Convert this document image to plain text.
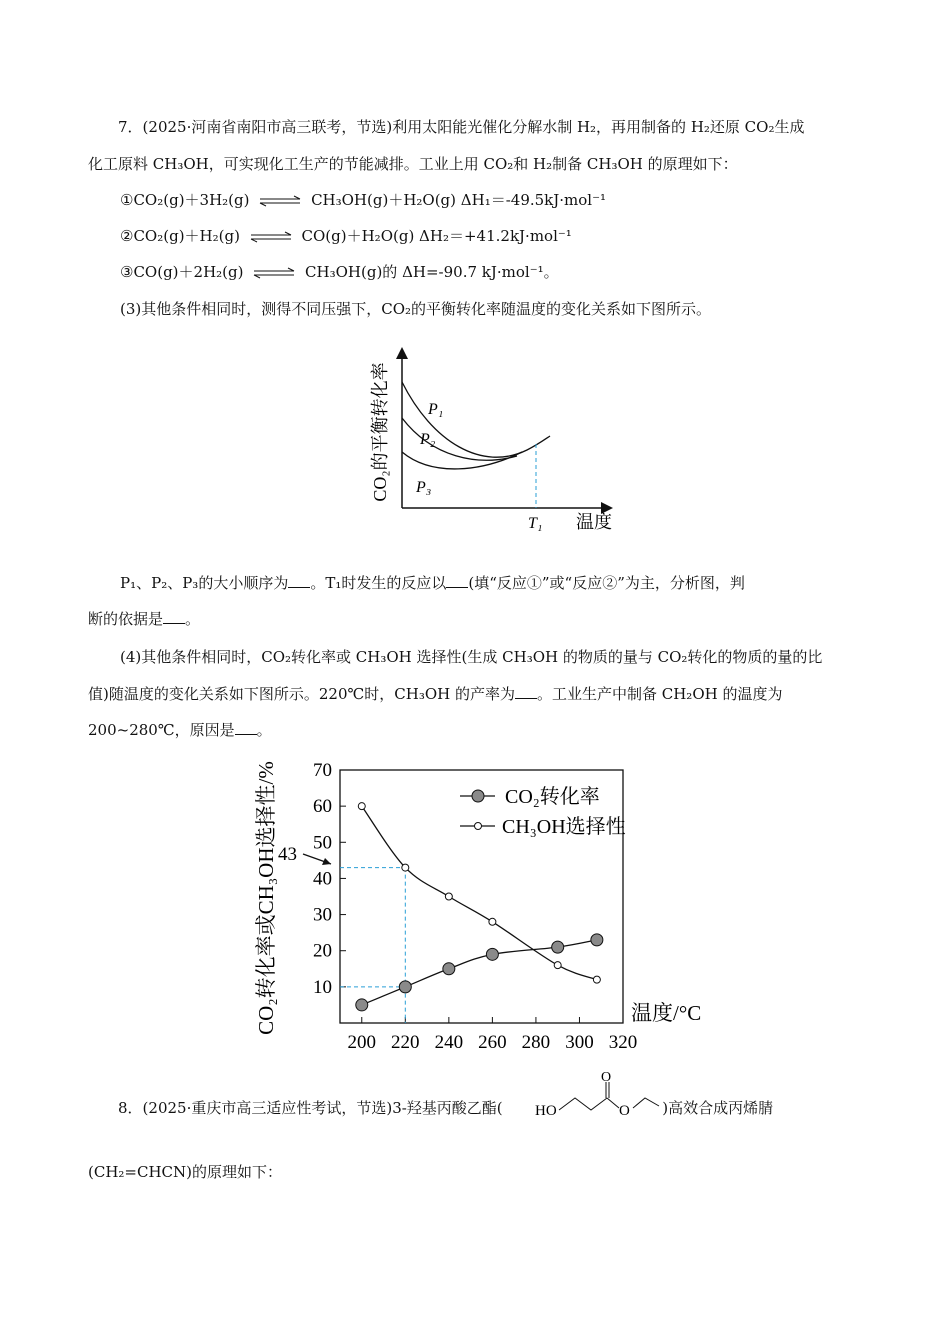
7．(2025·河南省南阳市高三联考，节选)利用太阳能光催化分解水制 H₂，再用制备的 H₂还原 CO₂生成
化工原料 CH₃OH，可实现化工生产的节能减排。工业上用 CO₂和 H₂制备 CH₃OH 的原理如下：
①CO₂(g)＋3H₂(g) ⇌ CH₃OH(g)＋H₂O(g) ΔH₁＝-49.5kJ·mol⁻¹
②CO₂(g)＋H₂(g) ⇌ CO(g)＋H₂O(g) ΔH₂＝+41.2kJ·mol⁻¹
③CO(g)＋2H₂(g) ⇌ CH₃OH(g)的 ΔH=-90.7 kJ·mol⁻¹。
(3)其他条件相同时，测得不同压强下，CO₂的平衡转化率随温度的变化关系如下图所示。
CO₂的平衡转化率 P₁
P₂
P₃
T₁ 温度
P₁、P₂、P₃的大小顺序为 。T₁时发生的反应以 (填“反应①”或“反应②”为主，分析图，判
断的依据是 。
(4)其他条件相同时，CO₂转化率或 CH₃OH 选择性(生成 CH₃OH 的物质的量与 CO₂转化的物质的量的比
值)随温度的变化关系如下图所示。220℃时，CH₃OH 的产率为 。工业生产中制备 CH₂OH 的温度为
200~280℃，原因是 。
10
20
30
40
50
60
70
200 220 240 260 280 300 320
CO₂转化率或CH₃OH选择性/%	温度/°C
43
CO₂转化率
CH₃OH选择性
8．(2025·重庆市高三适应性考试，节选)3-羟基丙酸乙酯(	)高效合成丙烯腈
HO
O
O
(CH₂=CHCN)的原理如下：
